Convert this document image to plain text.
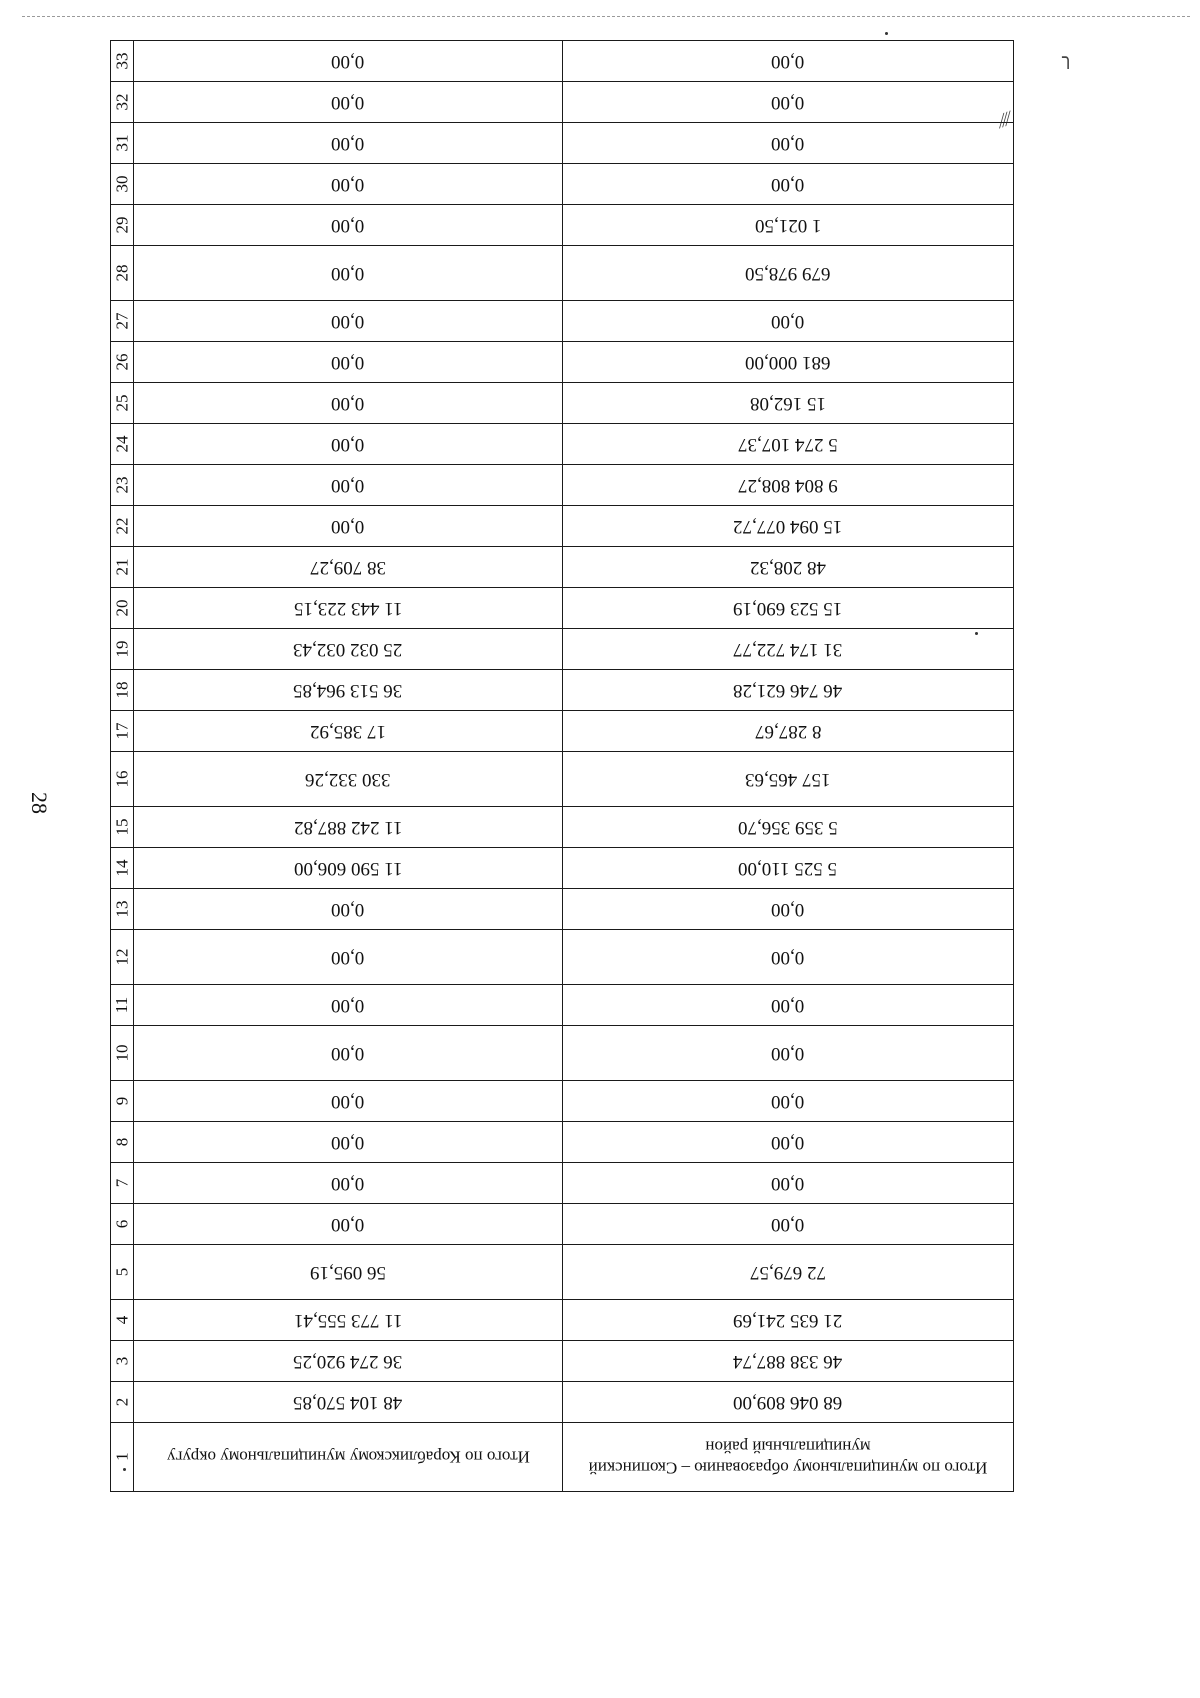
28
╮
⁄⁄⁄
33	0,00	0,00
32	0,00	0,00
31	0,00	0,00
30	0,00	0,00
29	0,00	1 021,50
28	0,00	679 978,50
27	0,00	0,00
26	0,00	681 000,00
25	0,00	15 162,08
24	0,00	5 274 107,37
23	0,00	9 804 808,27
22	0,00	15 094 077,72
21	38 709,27	48 208,32
20	11 443 223,15	15 523 690,19
19	25 032 032,43	31 174 722,77
18	36 513 964,85	46 746 621,28
17	17 385,92	8 287,67
16	330 332,26	157 465,63
15	11 242 887,82	5 359 356,70
14	11 590 606,00	5 525 110,00
13	0,00	0,00
12	0,00	0,00
11	0,00	0,00
10	0,00	0,00
9	0,00	0,00
8	0,00	0,00
7	0,00	0,00
6	0,00	0,00
5	56 095,19	72 679,57
4	11 773 555,41	21 635 241,69
3	36 274 920,25	46 338 887,74
2	48 104 570,85	68 046 809,00
1	Итого по Корабликскому муниципальному округу	Итого по муниципальному образованию – Скопинский муниципальный район
